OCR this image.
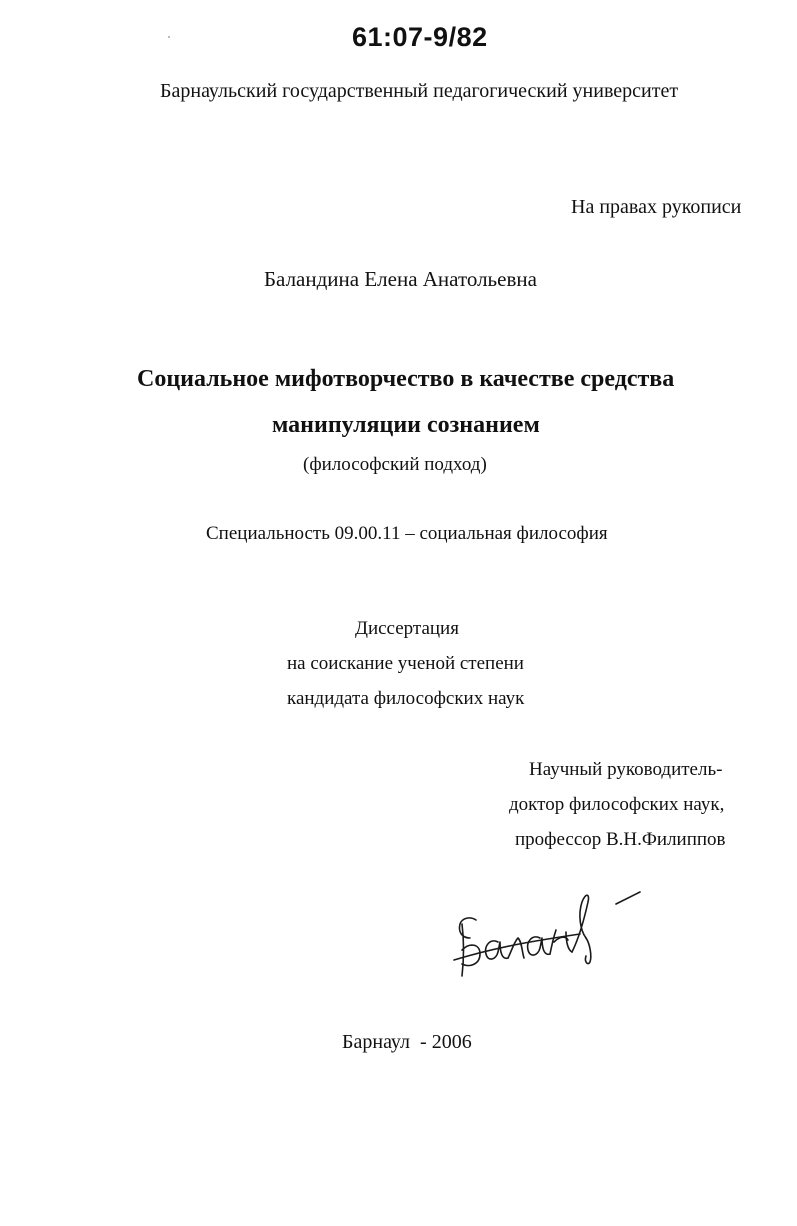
61:07-9/82
Барнаульский государственный педагогический университет
На правах рукописи
Баландина Елена Анатольевна
Социальное мифотворчество в качестве средства
манипуляции сознанием
(философский подход)
Специальность 09.00.11 – социальная философия
Диссертация
на соискание ученой степени
кандидата философских наук
Научный руководитель-
доктор философских наук,
профессор В.Н.Филиппов
Барнаул - 2006
